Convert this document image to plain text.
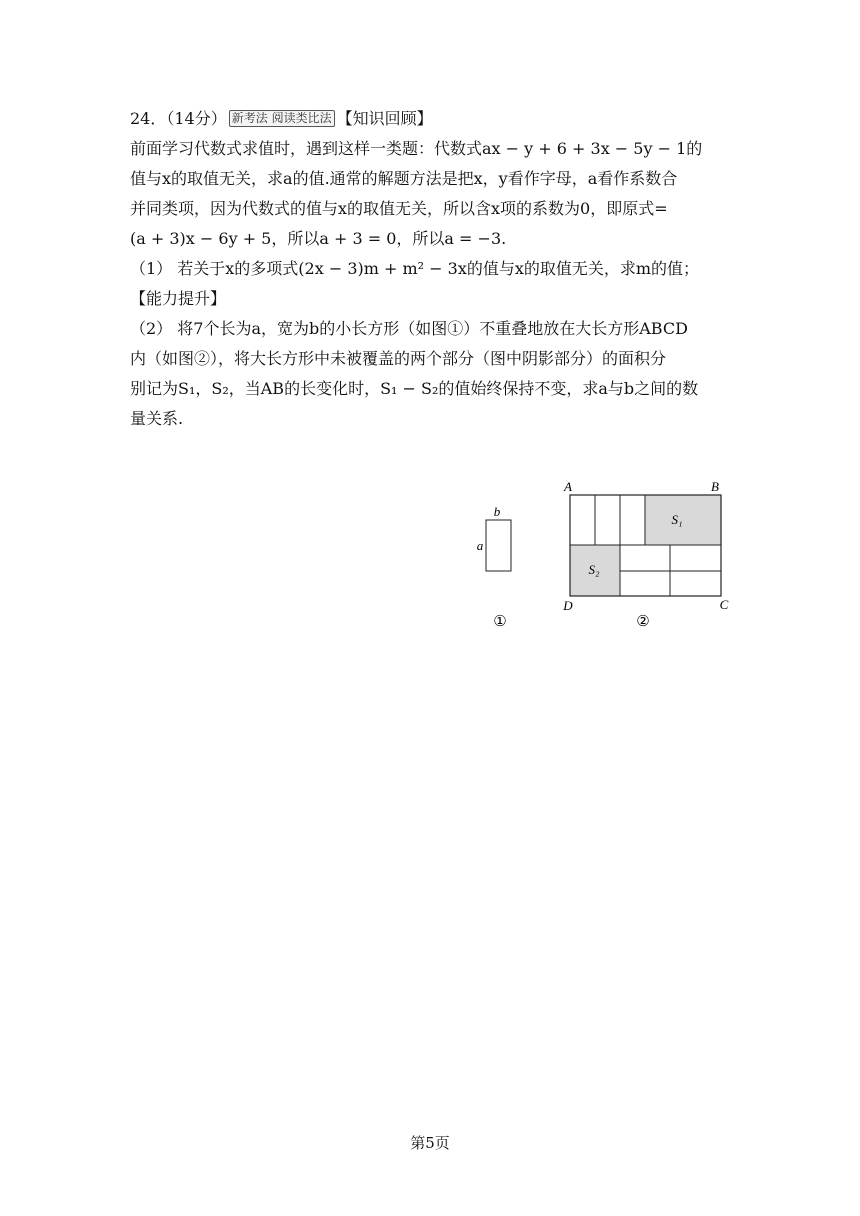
24．（14分） 新考法 阅读类比法 【知识回顾】
前面学习代数式求值时，遇到这样一类题：代数式ax − y + 6 + 3x − 5y − 1的
值与x的取值无关，求a的值.通常的解题方法是把x，y看作字母，a看作系数合
并同类项，因为代数式的值与x的取值无关，所以含x项的系数为0，即原式=
(a + 3)x − 6y + 5，所以a + 3 = 0，所以a = −3.
（1） 若关于x的多项式(2x − 3)m + m² − 3x的值与x的取值无关，求m的值；
【能力提升】
（2） 将7个长为a，宽为b的小长方形（如图①）不重叠地放在大长方形ABCD
内（如图②），将大长方形中未被覆盖的两个部分（图中阴影部分）的面积分
别记为S₁，S₂，当AB的长变化时，S₁ − S₂的值始终保持不变，求a与b之间的数
量关系.
b
a
①
A	B
C
D
S₁
S₂
②
第5页
